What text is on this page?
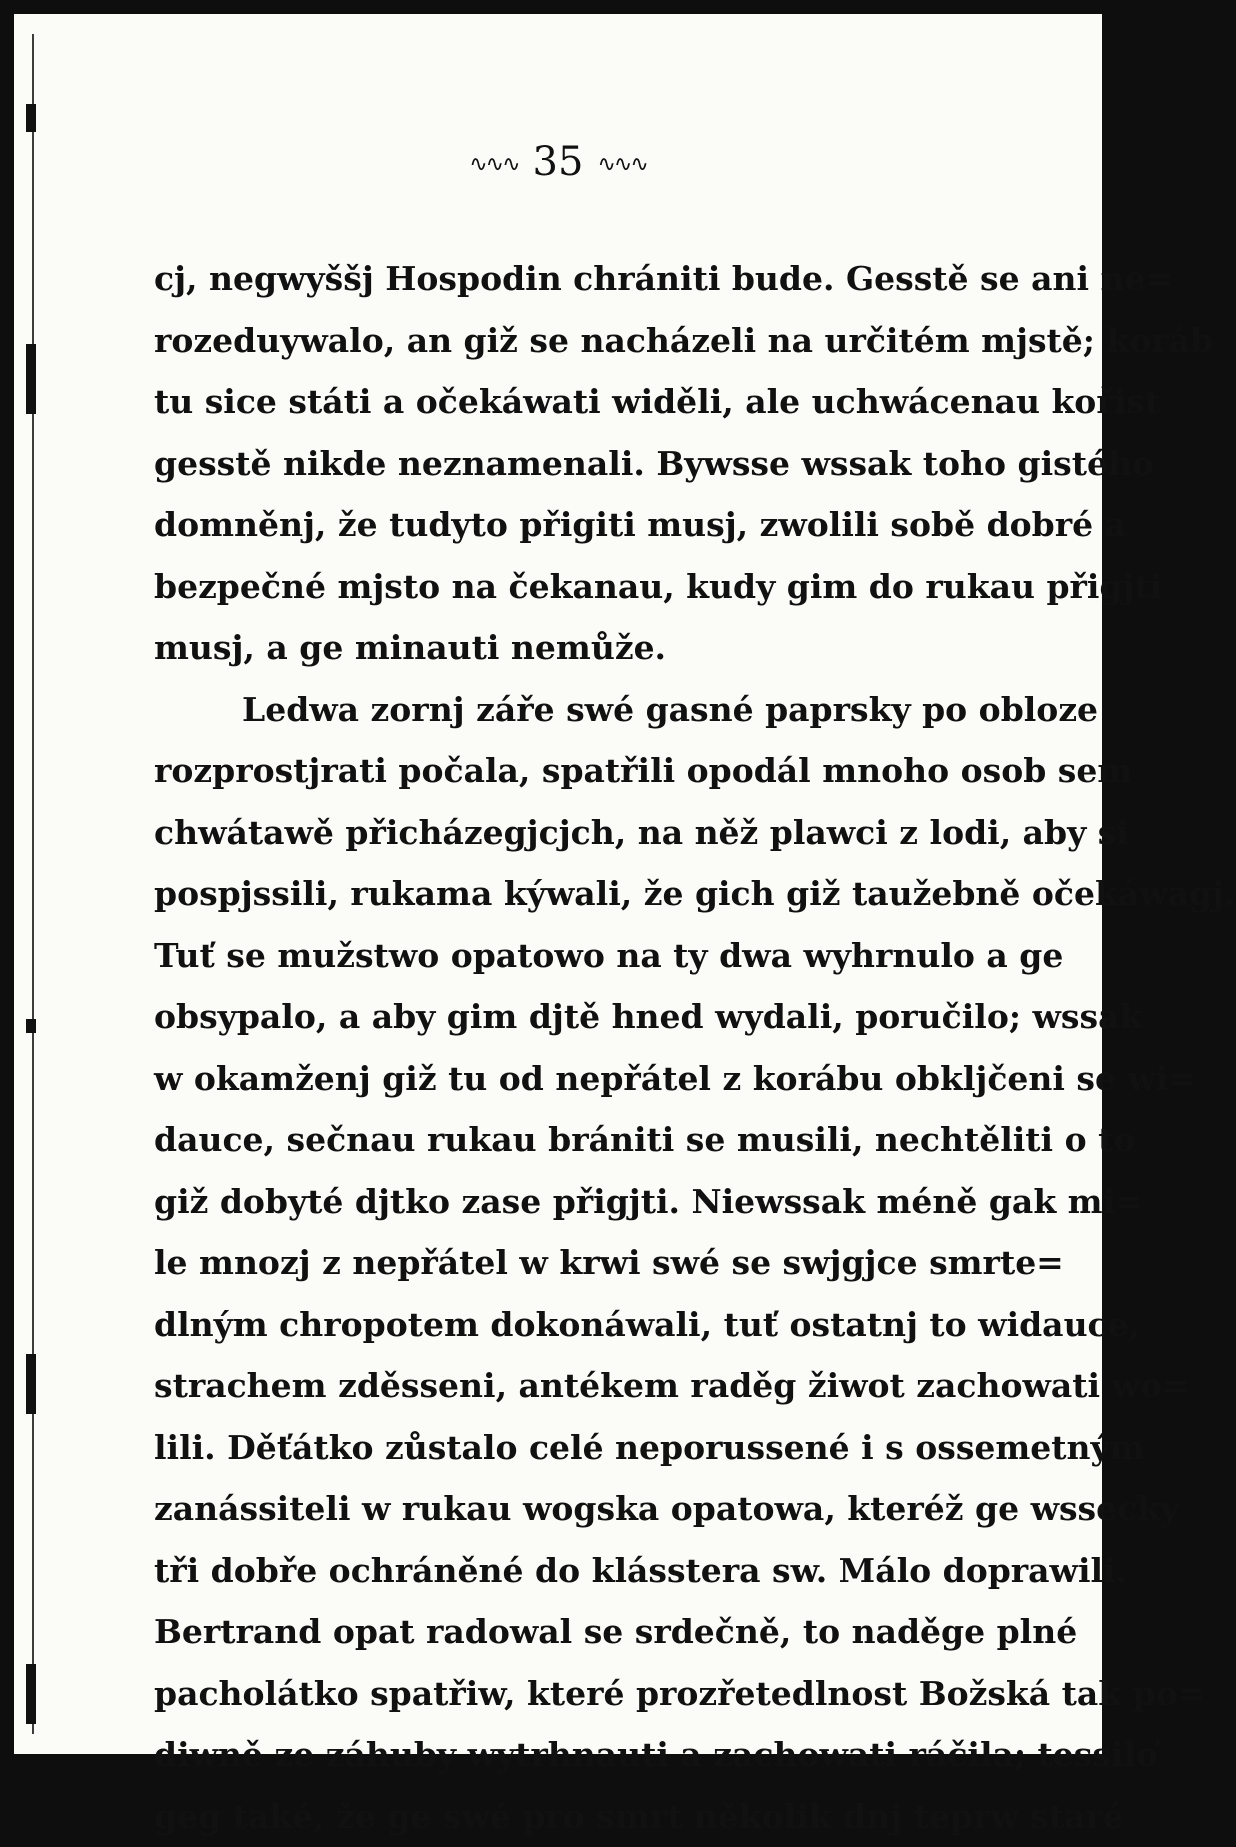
∿∿∿ 35 ∿∿∿
cj, negwyššj Hospodin chrániti bude. Gesstě se ani ne=
rozeduywalo, an giž se nacházeli na určitém mjstě; koráb
tu sice státi a očekáwati widěli, ale uchwácenau kořist
gesstě nikde neznamenali. Bywsse wssak toho gistého
domněnj, že tudyto přigiti musj, zwolili sobě dobré a
bezpečné mjsto na čekanau, kudy gim do rukau přigjti
musj, a ge minauti nemůže.
Ledwa zornj záře swé gasné paprsky po obloze
rozprostjrati počala, spatřili opodál mnoho osob sem
chwátawě přicházegjcjch, na něž plawci z lodi, aby si
pospjssili, rukama kýwali, že gich giž taužebně očekáwagj.
Tuť se mužstwo opatowo na ty dwa wyhrnulo a ge
obsypalo, a aby gim djtě hned wydali, poručilo; wssak
w okamženj giž tu od nepřátel z korábu obkljčeni se wi=
dauce, sečnau rukau brániti se musili, nechtěliti o to
giž dobyté djtko zase přigjti. Niewssak méně gak mi=
le mnozj z nepřátel w krwi swé se swjgjce smrte=
dlným chropotem dokonáwali, tuť ostatnj to widauce,
strachem zděsseni, antékem raděg žiwot zachowati wo=
lili. Děťátko zůstalo celé neporussené i s ossemetným
zanássiteli w rukau wogska opatowa, kteréž ge wssecky
tři dobře ochráněné do klássterа sw. Málo doprawili.
Bertrand opat radowal se srdečně, to naděge plné
pacholátko spatřiw, které prozřetedlnost Božská tak po=
diwně ze záhuby wytrhnauti a zachowati ráčila; tessilo̕
geg také, že ge swé pro smrt několik dnj teprw staré
